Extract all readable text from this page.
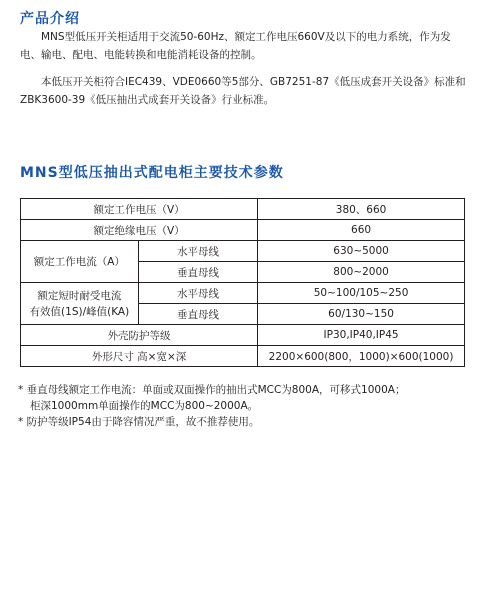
产品介绍
MNS型低压开关柜适用于交流50-60Hz、额定工作电压660V及以下的电力系统，作为发电、输电、配电、电能转换和电能消耗设备的控制。
本低压开关柜符合IEC439、VDE0660等5部分、GB7251-87《低压成套开关设备》标准和ZBK3600-39《低压抽出式成套开关设备》行业标准。
MNS型低压抽出式配电柜主要技术参数
额定工作电压（V）		380、660
额定绝缘电压（V）		660
额定工作电流（A）	水平母线	630~5000
	垂直母线	800~2000
额定短时耐受电流
有效值(1S)/峰值(KA)	水平母线	50~100/105~250
	垂直母线	60/130~150
外壳防护等级		IP30,IP40,IP45
外形尺寸 高×宽×深		2200×600(800，1000)×600(1000)
* 垂直母线额定工作电流：单面或双面操作的抽出式MCC为800A，可移式1000A；
柜深1000mm单面操作的MCC为800~2000A。
* 防护等级IP54由于降容情况严重，故不推荐使用。
